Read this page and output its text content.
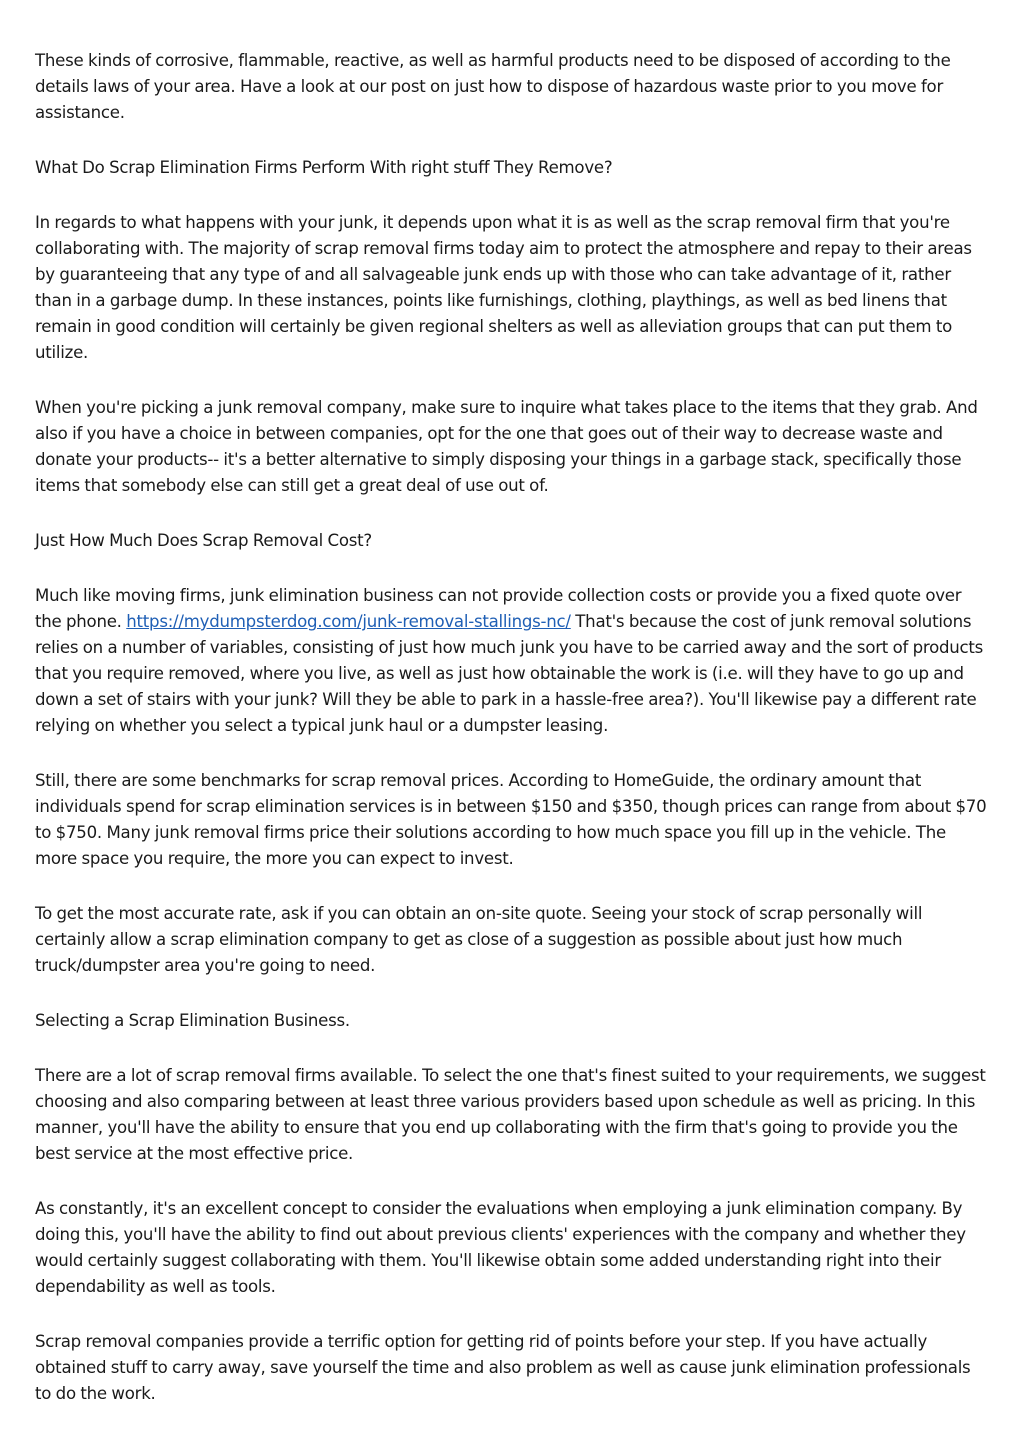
These kinds of corrosive, flammable, reactive, as well as harmful products need to be disposed of according to the details laws of your area. Have a look at our post on just how to dispose of hazardous waste prior to you move for assistance.

What Do Scrap Elimination Firms Perform With right stuff They Remove?

In regards to what happens with your junk, it depends upon what it is as well as the scrap removal firm that you're collaborating with. The majority of scrap removal firms today aim to protect the atmosphere and repay to their areas by guaranteeing that any type of and all salvageable junk ends up with those who can take advantage of it, rather than in a garbage dump. In these instances, points like furnishings, clothing, playthings, as well as bed linens that remain in good condition will certainly be given regional shelters as well as alleviation groups that can put them to utilize.

When you're picking a junk removal company, make sure to inquire what takes place to the items that they grab. And also if you have a choice in between companies, opt for the one that goes out of their way to decrease waste and donate your products-- it's a better alternative to simply disposing your things in a garbage stack, specifically those items that somebody else can still get a great deal of use out of.

Just How Much Does Scrap Removal Cost?

Much like moving firms, junk elimination business can not provide collection costs or provide you a fixed quote over the phone. https://mydumpsterdog.com/junk-removal-stallings-nc/ That's because the cost of junk removal solutions relies on a number of variables, consisting of just how much junk you have to be carried away and the sort of products that you require removed, where you live, as well as just how obtainable the work is (i.e. will they have to go up and down a set of stairs with your junk? Will they be able to park in a hassle-free area?). You'll likewise pay a different rate relying on whether you select a typical junk haul or a dumpster leasing.

Still, there are some benchmarks for scrap removal prices. According to HomeGuide, the ordinary amount that individuals spend for scrap elimination services is in between $150 and $350, though prices can range from about $70 to $750. Many junk removal firms price their solutions according to how much space you fill up in the vehicle. The more space you require, the more you can expect to invest.

To get the most accurate rate, ask if you can obtain an on-site quote. Seeing your stock of scrap personally will certainly allow a scrap elimination company to get as close of a suggestion as possible about just how much truck/dumpster area you're going to need.

Selecting a Scrap Elimination Business.

There are a lot of scrap removal firms available. To select the one that's finest suited to your requirements, we suggest choosing and also comparing between at least three various providers based upon schedule as well as pricing. In this manner, you'll have the ability to ensure that you end up collaborating with the firm that's going to provide you the best service at the most effective price.

As constantly, it's an excellent concept to consider the evaluations when employing a junk elimination company. By doing this, you'll have the ability to find out about previous clients' experiences with the company and whether they would certainly suggest collaborating with them. You'll likewise obtain some added understanding right into their dependability as well as tools.

Scrap removal companies provide a terrific option for getting rid of points before your step. If you have actually obtained stuff to carry away, save yourself the time and also problem as well as cause junk elimination professionals to do the work.
